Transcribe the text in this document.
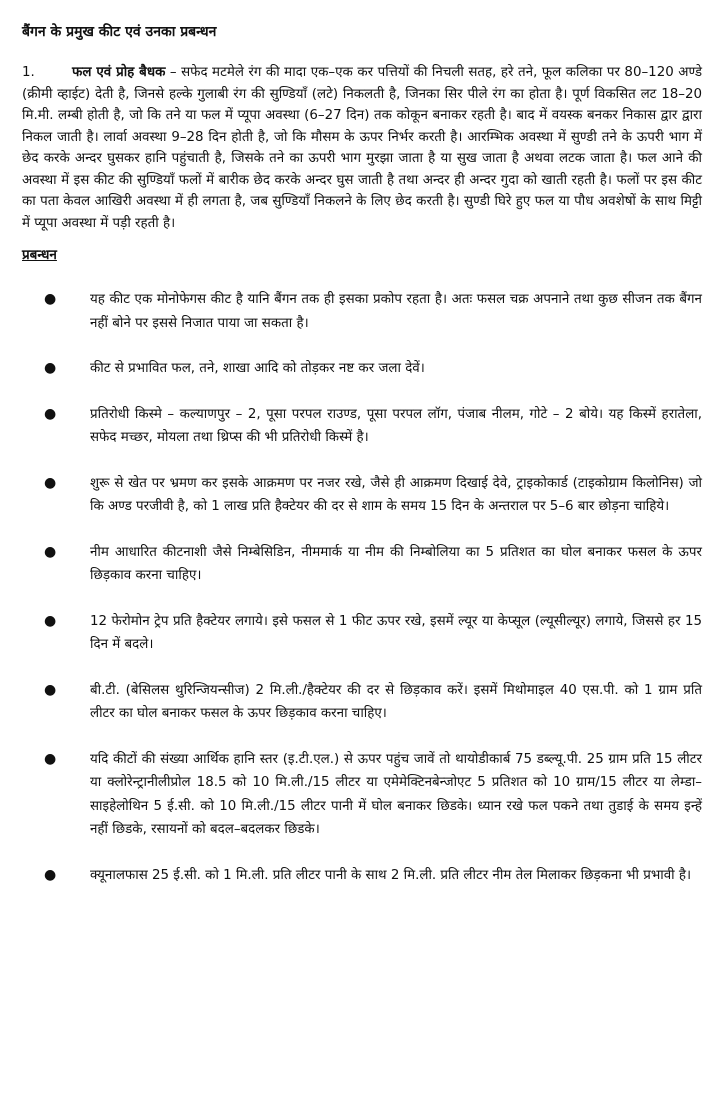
बैंगन के प्रमुख कीट एवं उनका प्रबन्धन

1.	फल एवं प्रोह बैधक – सफेद मटमेले रंग की मादा एक–एक कर पत्तियों की निचली सतह, हरे तने, फूल कलिका पर 80–120 अण्डे (क्रीमी व्हाईट) देती है, जिनसे हल्के गुलाबी रंग की सुण्डियाँ (लटे) निकलती है, जिनका सिर पीले रंग का होता है। पूर्ण विकसित लट 18–20 मि.मी. लम्बी होती है, जो कि तने या फल में प्यूपा अवस्था (6–27 दिन) तक कोकून बनाकर रहती है। बाद में वयस्क बनकर निकास द्वार द्वारा निकल जाती है। लार्वा अवस्था 9–28 दिन होती है, जो कि मौसम के ऊपर निर्भर करती है। आरम्भिक अवस्था में सुण्डी तने के ऊपरी भाग में छेद करके अन्दर घुसकर हानि पहुंचाती है, जिसके तने का ऊपरी भाग मुरझा जाता है या सुख जाता है अथवा लटक जाता है। फल आने की अवस्था में इस कीट की सुण्डियाँ फलों में बारीक छेद करके अन्दर घुस जाती है तथा अन्दर ही अन्दर गुदा को खाती रहती है। फलों पर इस कीट का पता केवल आखिरी अवस्था में ही लगता है, जब सुण्डियाँ निकलने के लिए छेद करती है। सुण्डी घिरे हुए फल या पौध अवशेषों के साथ मिट्टी में प्यूपा अवस्था में पड़ी रहती है।

प्रबन्धन
●	यह कीट एक मोनोफेगस कीट है यानि बैंगन तक ही इसका प्रकोप रहता है। अतः फसल चक्र अपनाने तथा कुछ सीजन तक बैंगन नहीं बोने पर इससे निजात पाया जा सकता है।
●	कीट से प्रभावित फल, तने, शाखा आदि को तोड़कर नष्ट कर जला देवें।
●	प्रतिरोधी किस्मे – कल्याणपुर – 2, पूसा परपल राउण्ड, पूसा परपल लॉग, पंजाब नीलम, गोटे – 2 बोये। यह किस्में हरातेला, सफेद मच्छर, मोयला तथा थ्रिप्स की भी प्रतिरोधी किस्में है।
●	शुरू से खेत पर भ्रमण कर इसके आक्रमण पर नजर रखे, जैसे ही आक्रमण दिखाई देवे, ट्राइकोकार्ड (टाइकोग्राम किलोनिस) जो कि अण्ड परजीवी है, को 1 लाख प्रति हैक्टेयर की दर से शाम के समय 15 दिन के अन्तराल पर 5–6 बार छोड़ना चाहिये।
●	नीम आधारित कीटनाशी जैसे निम्बेसिडिन, नीममार्क या नीम की निम्बोलिया का 5 प्रतिशत का घोल बनाकर फसल के ऊपर छिड़काव करना चाहिए।
●	12 फेरोमोन ट्रेप प्रति हैक्टेयर लगाये। इसे फसल से 1 फीट ऊपर रखे, इसमें ल्यूर या केप्सूल (ल्यूसील्यूर) लगाये, जिससे हर 15 दिन में बदले।
●	बी.टी. (बेसिलस थुरिन्जियन्सीज) 2 मि.ली./हैक्टेयर की दर से छिड़काव करें। इसमें मिथोमाइल 40 एस.पी. को 1 ग्राम प्रति लीटर का घोल बनाकर फसल के ऊपर छिड़काव करना चाहिए।
●	यदि कीटों की संख्या आर्थिक हानि स्तर (इ.टी.एल.) से ऊपर पहुंच जावें तो थायोडीकार्ब 75 डब्ल्यू.पी. 25 ग्राम प्रति 15 लीटर या क्लोरेन्ट्रानीलीप्रोल 18.5 को 10 मि.ली./15 लीटर या एमेमेक्टिनबेन्जोएट 5 प्रतिशत को 10 ग्राम/15 लीटर या लेम्डा–साइहेलोथिन 5 ई.सी. को 10 मि.ली./15 लीटर पानी में घोल बनाकर छिडके। ध्यान रखे फल पकने तथा तुडाई के समय इन्हें नहीं छिडके, रसायनों को बदल–बदलकर छिडके।
●	क्यूनालफास 25 ई.सी. को 1 मि.ली. प्रति लीटर पानी के साथ 2 मि.ली. प्रति लीटर नीम तेल मिलाकर छिड़कना भी प्रभावी है।
